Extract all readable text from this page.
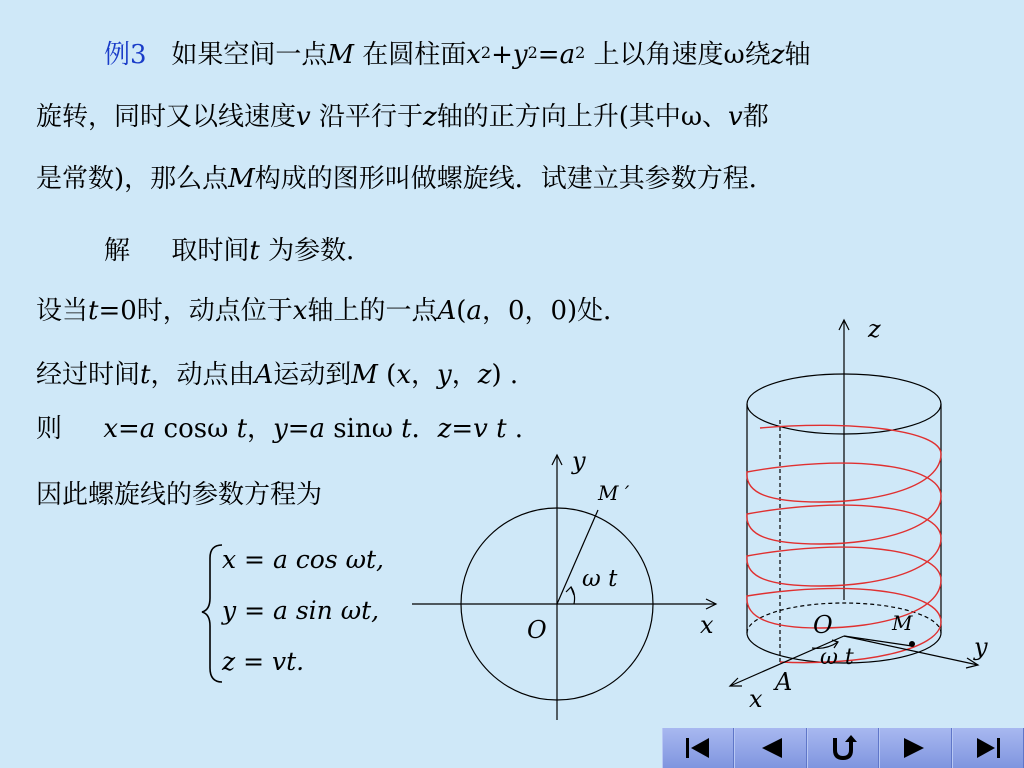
例3 如果空间一点M 在圆柱面$x^2+y^2=a^2$ 上以角速度ω绕z轴
旋转，同时又以线速度v 沿平行于z轴的正方向上升(其中ω、v都
是常数)，那么点M构成的图形叫做螺旋线．试建立其参数方程．
解 取时间t 为参数．
设当t=0时，动点位于x轴上的一点A(a，0，0)处．
经过时间t，动点由A运动到M (x，y，z) .
则 x=a cosω t，y=a sinω t．z=v t .
因此螺旋线的参数方程为
x = a cos ωt,
y = a sin ωt,
z = vt.
y
x
O
M ′
ω t
z
O	M
ω t	y
A
x
